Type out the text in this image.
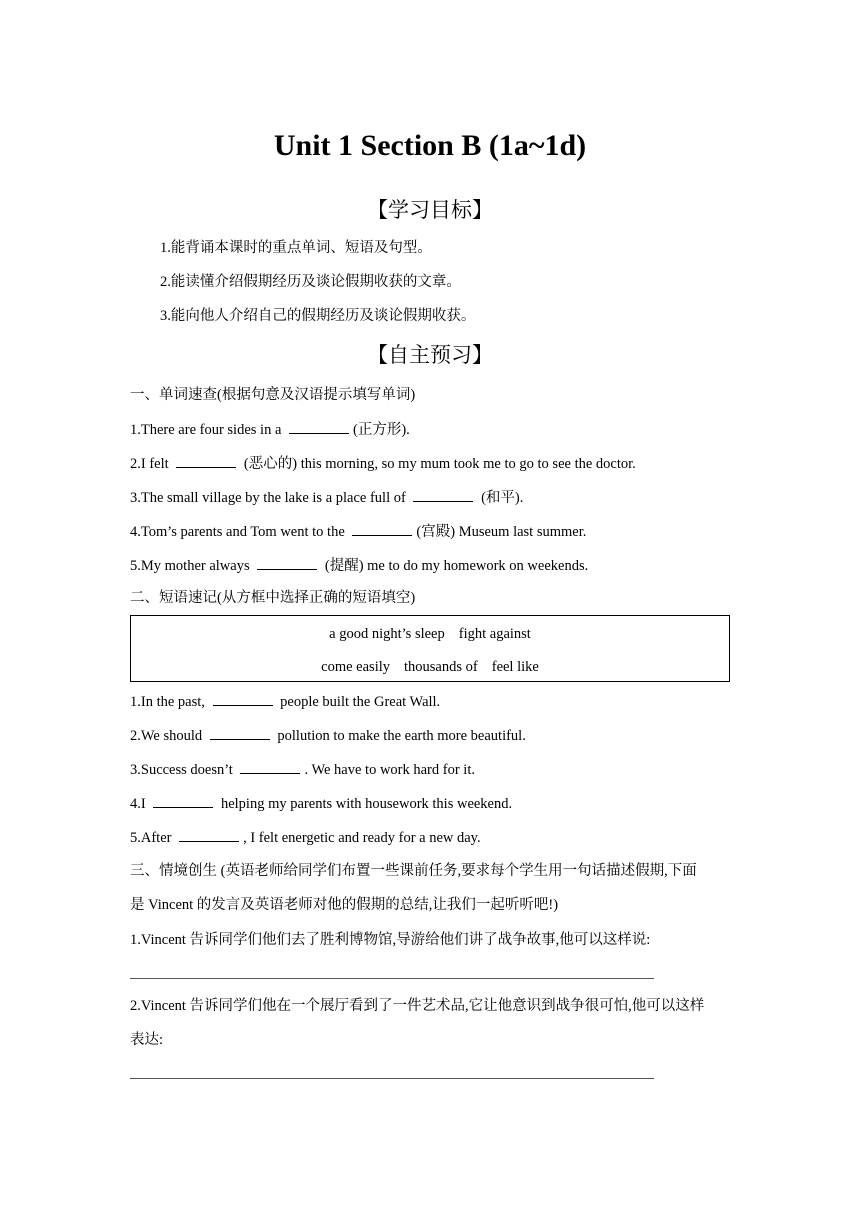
Unit 1 Section B (1a~1d)
【学习目标】
1.能背诵本课时的重点单词、短语及句型。
2.能读懂介绍假期经历及谈论假期收获的文章。
3.能向他人介绍自己的假期经历及谈论假期收获。
【自主预习】
一、单词速查(根据句意及汉语提示填写单词)
1.There are four sides in a	(正方形).
2.I felt	(恶心的) this morning, so my mum took me to go to see the doctor.
3.The small village by the lake is a place full of	(和平).
4.Tom’s parents and Tom went to the	(宫殿) Museum last summer.
5.My mother always	(提醒) me to do my homework on weekends.
二、短语速记(从方框中选择正确的短语填空)
a good night’s sleep fight against
come easily thousands of feel like
1.In the past,	people built the Great Wall.
2.We should	pollution to make the earth more beautiful.
3.Success doesn’t	. We have to work hard for it.
4.I	helping my parents with housework this weekend.
5.After	, I felt energetic and ready for a new day.
三、情境创生 (英语老师给同学们布置一些课前任务,要求每个学生用一句话描述假期,下面
是 Vincent 的发言及英语老师对他的假期的总结,让我们一起听听吧!)
1.Vincent 告诉同学们他们去了胜利博物馆,导游给他们讲了战争故事,他可以这样说:
2.Vincent 告诉同学们他在一个展厅看到了一件艺术品,它让他意识到战争很可怕,他可以这样
表达:
